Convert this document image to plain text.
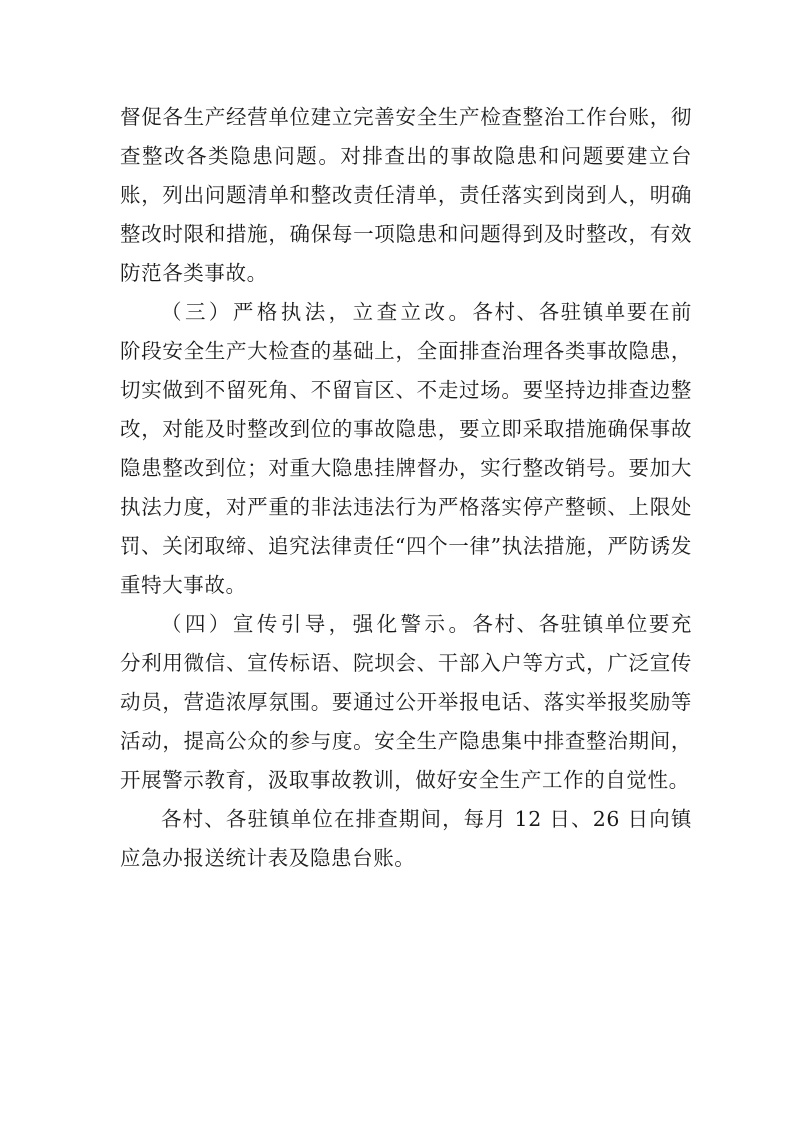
督促各生产经营单位建立完善安全生产检查整治工作台账，彻查整改各类隐患问题。对排查出的事故隐患和问题要建立台账，列出问题清单和整改责任清单，责任落实到岗到人，明确整改时限和措施，确保每一项隐患和问题得到及时整改，有效防范各类事故。

（三）严格执法，立查立改。各村、各驻镇单要在前阶段安全生产大检查的基础上，全面排查治理各类事故隐患，切实做到不留死角、不留盲区、不走过场。要坚持边排查边整改，对能及时整改到位的事故隐患，要立即采取措施确保事故隐患整改到位；对重大隐患挂牌督办，实行整改销号。要加大执法力度，对严重的非法违法行为严格落实停产整顿、上限处罚、关闭取缔、追究法律责任“四个一律”执法措施，严防诱发重特大事故。

（四）宣传引导，强化警示。各村、各驻镇单位要充分利用微信、宣传标语、院坝会、干部入户等方式，广泛宣传动员，营造浓厚氛围。要通过公开举报电话、落实举报奖励等活动，提高公众的参与度。安全生产隐患集中排查整治期间，开展警示教育，汲取事故教训，做好安全生产工作的自觉性。

各村、各驻镇单位在排查期间，每月 12 日、26 日向镇应急办报送统计表及隐患台账。
